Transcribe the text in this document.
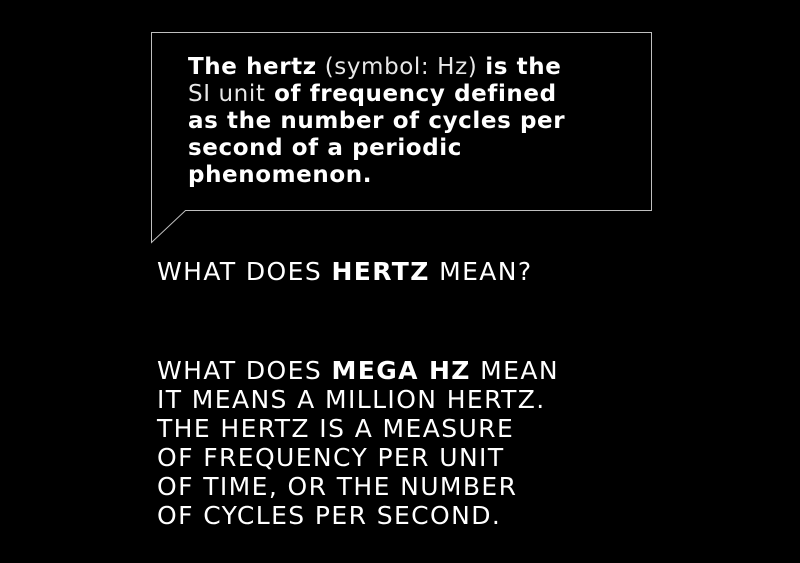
The hertz (symbol: Hz) is the
SI unit of frequency defined
as the number of cycles per
second of a periodic
phenomenon.
WHAT DOES HERTZ MEAN?
WHAT DOES MEGA HZ MEAN
IT MEANS A MILLION HERTZ.
THE HERTZ IS A MEASURE
OF FREQUENCY PER UNIT
OF TIME, OR THE NUMBER
OF CYCLES PER SECOND.
